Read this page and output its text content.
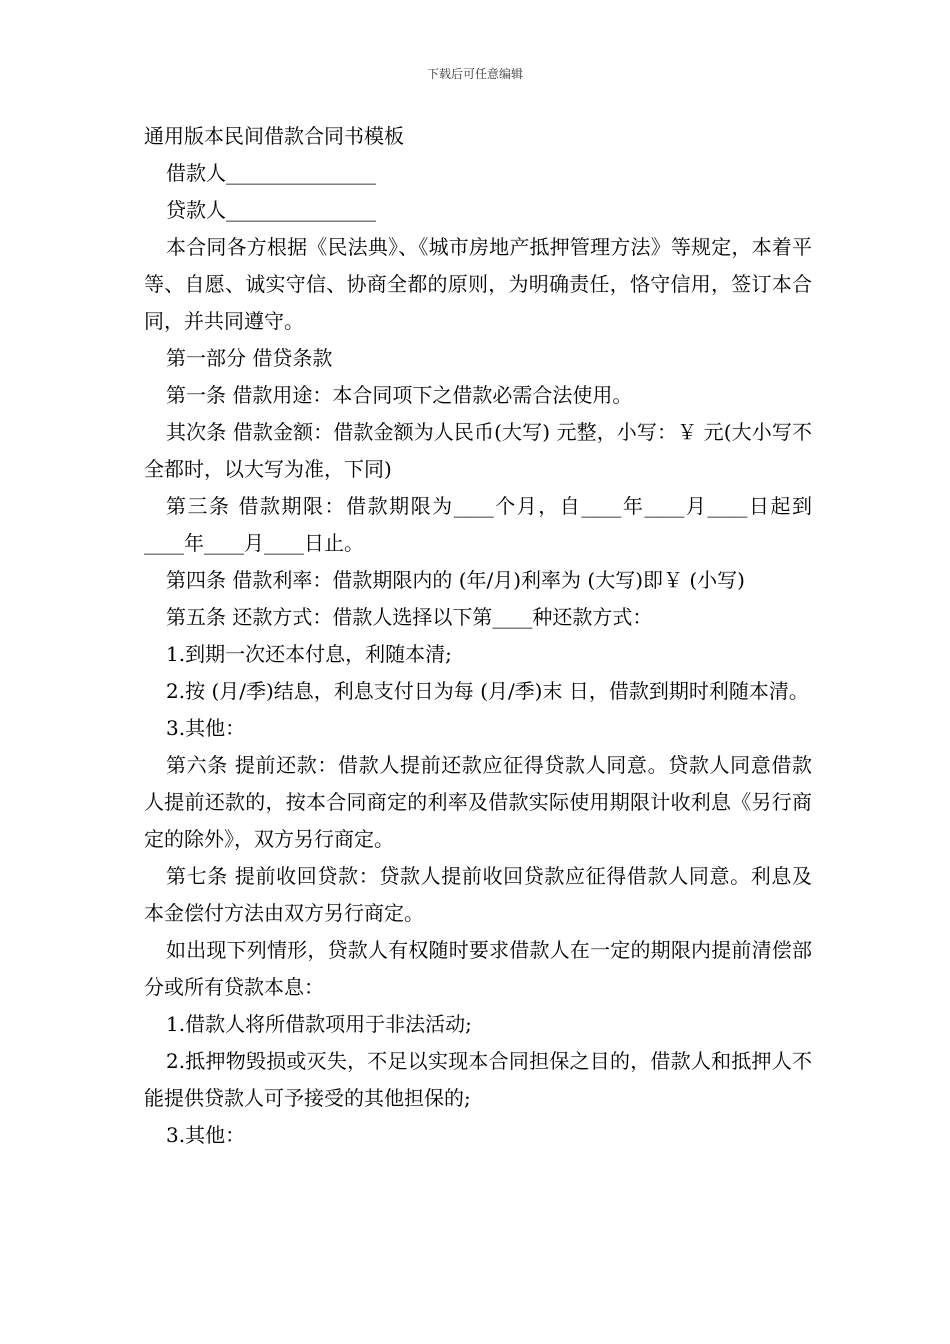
下载后可任意编辑

通用版本民间借款合同书模板

借款人_______________

贷款人_______________

本合同各方根据《民法典》、《城市房地产抵押管理方法》等规定，本着平等、自愿、诚实守信、协商全都的原则，为明确责任，恪守信用，签订本合同，并共同遵守。

第一部分 借贷条款

第一条 借款用途：本合同项下之借款必需合法使用。

其次条 借款金额：借款金额为人民币(大写) 元整，小写：￥ 元(大小写不全都时，以大写为准，下同)

第三条 借款期限：借款期限为____个月，自____年____月____日起到____年____月____日止。

第四条 借款利率：借款期限内的 (年/月)利率为 (大写)即￥ (小写)

第五条 还款方式：借款人选择以下第____种还款方式：

1.到期一次还本付息，利随本清;

2.按 (月/季)结息，利息支付日为每 (月/季)末 日，借款到期时利随本清。

3.其他：

第六条 提前还款：借款人提前还款应征得贷款人同意。贷款人同意借款人提前还款的，按本合同商定的利率及借款实际使用期限计收利息《另行商定的除外》，双方另行商定。

第七条 提前收回贷款：贷款人提前收回贷款应征得借款人同意。利息及本金偿付方法由双方另行商定。

如出现下列情形，贷款人有权随时要求借款人在一定的期限内提前清偿部分或所有贷款本息：

1.借款人将所借款项用于非法活动;

2.抵押物毁损或灭失，不足以实现本合同担保之目的，借款人和抵押人不能提供贷款人可予接受的其他担保的;

3.其他：
